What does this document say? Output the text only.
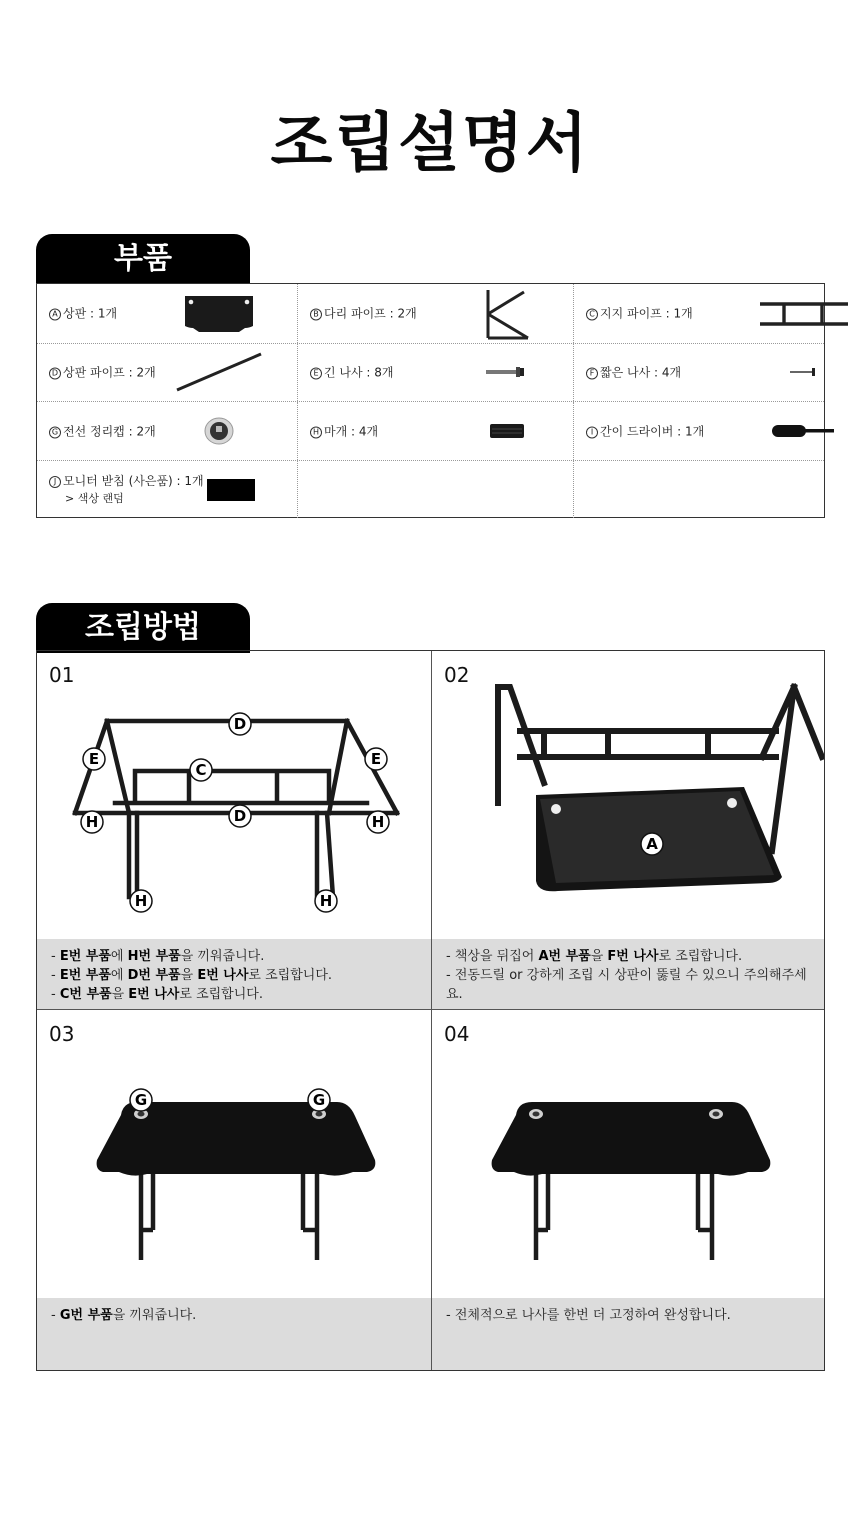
조립설명서
부품
A 상판 : 1개	B 다리 파이프 : 2개	C 지지 파이프 : 1개
D 상판 파이프 : 2개	E 긴 나사 : 8개	F 짧은 나사 : 4개
G 전선 정리캡 : 2개	H 마개 : 4개	I 간이 드라이버 : 1개
J 모니터 받침 (사은품) : 1개
> 색상 랜덤
조립방법
01
D
E	E
C
D
H	H
H	H
- E번 부품에 H번 부품을 끼워줍니다.
- E번 부품에 D번 부품을 E번 나사로 조립합니다.
- C번 부품을 E번 나사로 조립합니다.
02
A
- 책상을 뒤집어 A번 부품을 F번 나사로 조립합니다.
- 전동드릴 or 강하게 조립 시 상판이 뚫릴 수 있으니 주의해주세요.
03
G	G
- G번 부품을 끼워줍니다.
04
- 전체적으로 나사를 한번 더 고정하여 완성합니다.
